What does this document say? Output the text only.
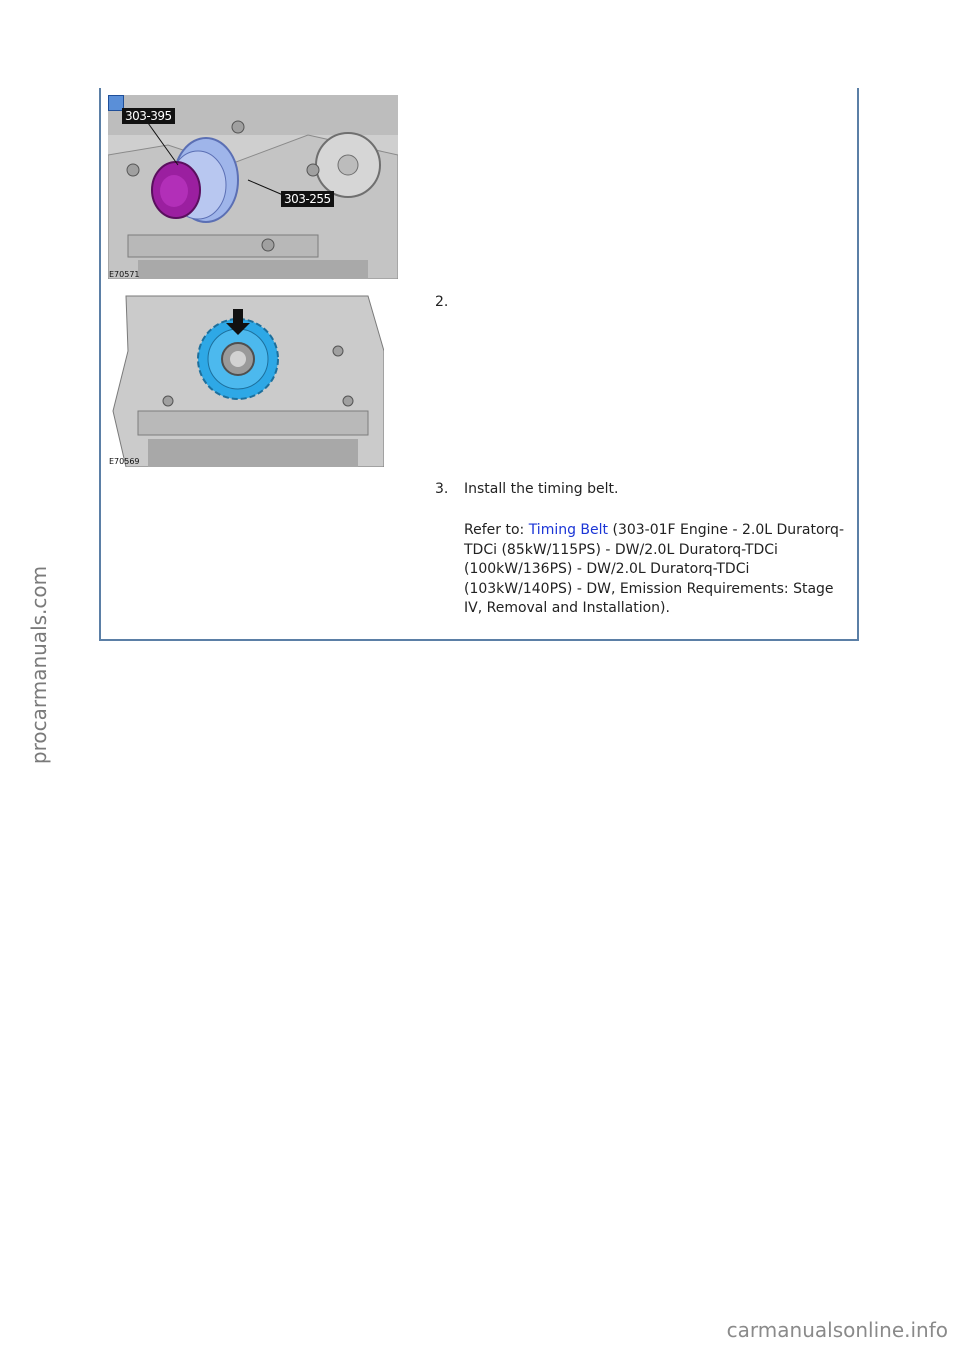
303-395
303-255
E70571
E70569
2.
3. Install the timing belt.
Refer to: Timing Belt (303-01F Engine - 2.0L Duratorq-TDCi (85kW/115PS) - DW/2.0L Duratorq-TDCi (100kW/136PS) - DW/2.0L Duratorq-TDCi (103kW/140PS) - DW, Emission Requirements: Stage IV, Removal and Installation).
procarmanuals.com
carmanualsonline.info
